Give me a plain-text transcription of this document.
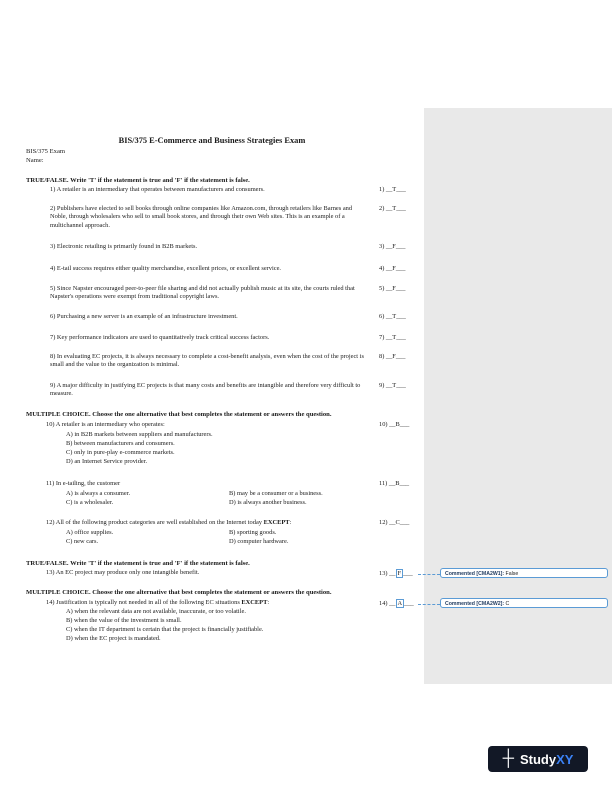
BIS/375 E-Commerce and Business Strategies Exam
BIS/375 Exam
Name:
TRUE/FALSE. Write 'T' if the statement is true and 'F' if the statement is false.
1) A retailer is an intermediary that operates between manufacturers and consumers.	1) __T___
2) Publishers have elected to sell books through online companies like Amazon.com, through retailers like Barnes and Noble, through wholesalers who sell to small book stores, and through their own Web sites. This is an example of a multichannel approach.
2) __T___
3) Electronic retailing is primarily found in B2B markets.	3) __F___
4) E-tail success requires either quality merchandise, excellent prices, or excellent service.	4) __F___
5) Since Napster encouraged peer-to-peer file sharing and did not actually publish music at its site, the courts ruled that Napster's operations were exempt from traditional copyright laws.
5) __F___
6) Purchasing a new server is an example of an infrastructure investment.	6) __T___
7) Key performance indicators are used to quantitatively track critical success factors.	7) __T___
8) In evaluating EC projects, it is always necessary to complete a cost-benefit analysis, even when the cost of the project is small and the value to the organization is minimal.
8) __F___
9) A major difficulty in justifying EC projects is that many costs and benefits are intangible and therefore very difficult to measure.
9) __T___
MULTIPLE CHOICE. Choose the one alternative that best completes the statement or answers the question.
10) A retailer is an intermediary who operates:	10) __B___
A) in B2B markets between suppliers and manufacturers.
B) between manufacturers and consumers.
C) only in pure-play e-commerce markets.
D) an Internet Service provider.
11) In e-tailing, the customer	11) __B___
A) is always a consumer.	B) may be a consumer or a business.
C) is a wholesaler.	D) is always another business.
12) All of the following product categories are well established on the Internet today EXCEPT:	12) __C___
A) office supplies.	B) sporting goods.
C) new cars.	D) computer hardware.
TRUE/FALSE. Write 'T' if the statement is true and 'F' if the statement is false.
13) An EC project may produce only one intangible benefit.	13) __ F ___
MULTIPLE CHOICE. Choose the one alternative that best completes the statement or answers the question.
14) Justification is typically not needed in all of the following EC situations EXCEPT:	14) __ A ___
A) when the relevant data are not available, inaccurate, or too volatile.
B) when the value of the investment is small.
C) when the IT department is certain that the project is financially justifiable.
D) when the EC project is mandated.
Commented [CMA2W1]: False
Commented [CMA2W2]: C
┼ StudyXY
